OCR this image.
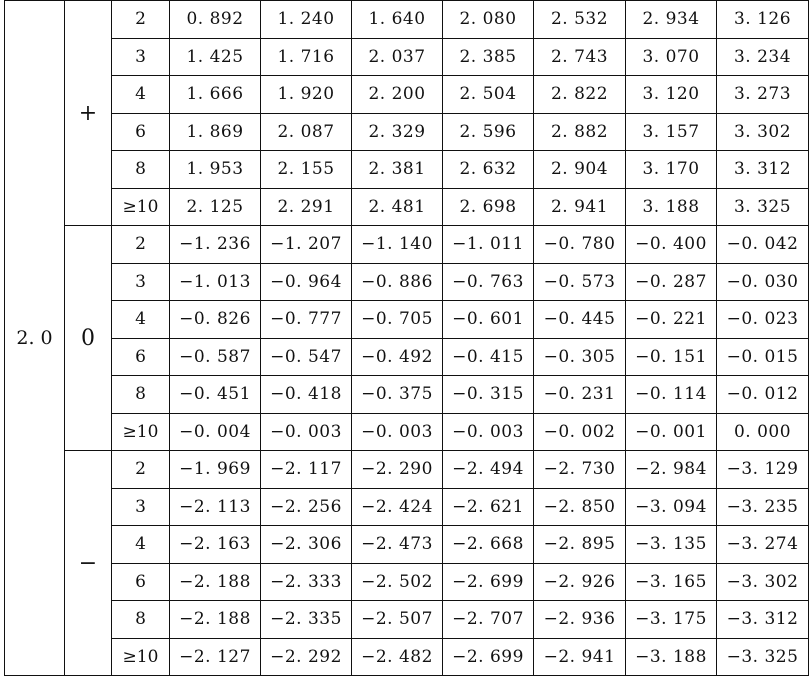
2. 0	+	2	0. 892	1. 240	1. 640	2. 080	2. 532	2. 934	3. 126
		3	1. 425	1. 716	2. 037	2. 385	2. 743	3. 070	3. 234
		4	1. 666	1. 920	2. 200	2. 504	2. 822	3. 120	3. 273
		6	1. 869	2. 087	2. 329	2. 596	2. 882	3. 157	3. 302
		8	1. 953	2. 155	2. 381	2. 632	2. 904	3. 170	3. 312
		≥10	2. 125	2. 291	2. 481	2. 698	2. 941	3. 188	3. 325
	0	2	−1. 236	−1. 207	−1. 140	−1. 011	−0. 780	−0. 400	−0. 042
		3	−1. 013	−0. 964	−0. 886	−0. 763	−0. 573	−0. 287	−0. 030
		4	−0. 826	−0. 777	−0. 705	−0. 601	−0. 445	−0. 221	−0. 023
		6	−0. 587	−0. 547	−0. 492	−0. 415	−0. 305	−0. 151	−0. 015
		8	−0. 451	−0. 418	−0. 375	−0. 315	−0. 231	−0. 114	−0. 012
		≥10	−0. 004	−0. 003	−0. 003	−0. 003	−0. 002	−0. 001	0. 000
	−	2	−1. 969	−2. 117	−2. 290	−2. 494	−2. 730	−2. 984	−3. 129
		3	−2. 113	−2. 256	−2. 424	−2. 621	−2. 850	−3. 094	−3. 235
		4	−2. 163	−2. 306	−2. 473	−2. 668	−2. 895	−3. 135	−3. 274
		6	−2. 188	−2. 333	−2. 502	−2. 699	−2. 926	−3. 165	−3. 302
		8	−2. 188	−2. 335	−2. 507	−2. 707	−2. 936	−3. 175	−3. 312
		≥10	−2. 127	−2. 292	−2. 482	−2. 699	−2. 941	−3. 188	−3. 325
